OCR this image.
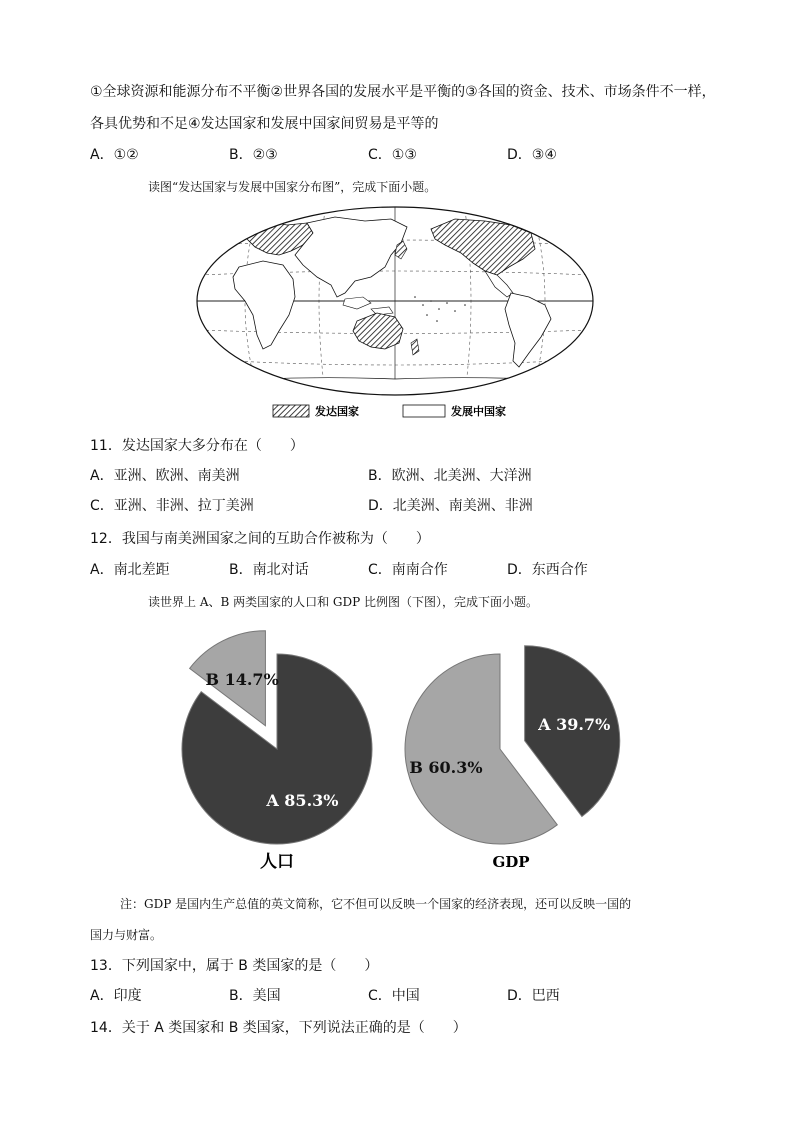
①全球资源和能源分布不平衡②世界各国的发展水平是平衡的③各国的资金、技术、市场条件不一样，
各具优势和不足④发达国家和发展中国家间贸易是平等的
A．①②	B．②③	C．①③	D．③④
读图“发达国家与发展中国家分布图”，完成下面小题。
发达国家	发展中国家
11．发达国家大多分布在（　　）
A．亚洲、欧洲、南美洲	B．欧洲、北美洲、大洋洲
C．亚洲、非洲、拉丁美洲	D．北美洲、南美洲、非洲
12．我国与南美洲国家之间的互助合作被称为（　　）
A．南北差距	B．南北对话	C．南南合作	D．东西合作
读世界上 A、B 两类国家的人口和 GDP 比例图（下图），完成下面小题。
A 85.3%
B 14.7%
A 39.7%
B 60.3%
人口	GDP
注：GDP 是国内生产总值的英文简称，它不但可以反映一个国家的经济表现，还可以反映一国的
国力与财富。
13．下列国家中，属于 B 类国家的是（　　）
A．印度	B．美国	C．中国	D．巴西
14．关于 A 类国家和 B 类国家，下列说法正确的是（　　）
